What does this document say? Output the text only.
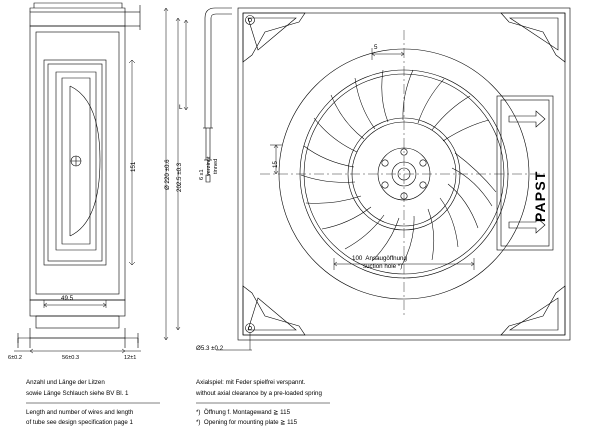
151
49.5
56±0.3
6±0.2	12±1
Ø 220 ±0.6 202.5 ±0.3	6 x1 verzinnt tinned
L
5
15
100  Ansaugöffnung
suction hole *)
Ø5.3 ±0.2
PAPST
Anzahl und Länge der Litzen
sowie Länge Schlauch siehe BV Bl. 1
Length and number of wires and length
of tube see design specification page 1
Axialspiel: mit Feder spielfrei verspannt.
without axial clearance by a pre-loaded spring
*)  Öffnung f. Montagewand ≧ 115
*)  Opening for mounting plate ≧ 115
